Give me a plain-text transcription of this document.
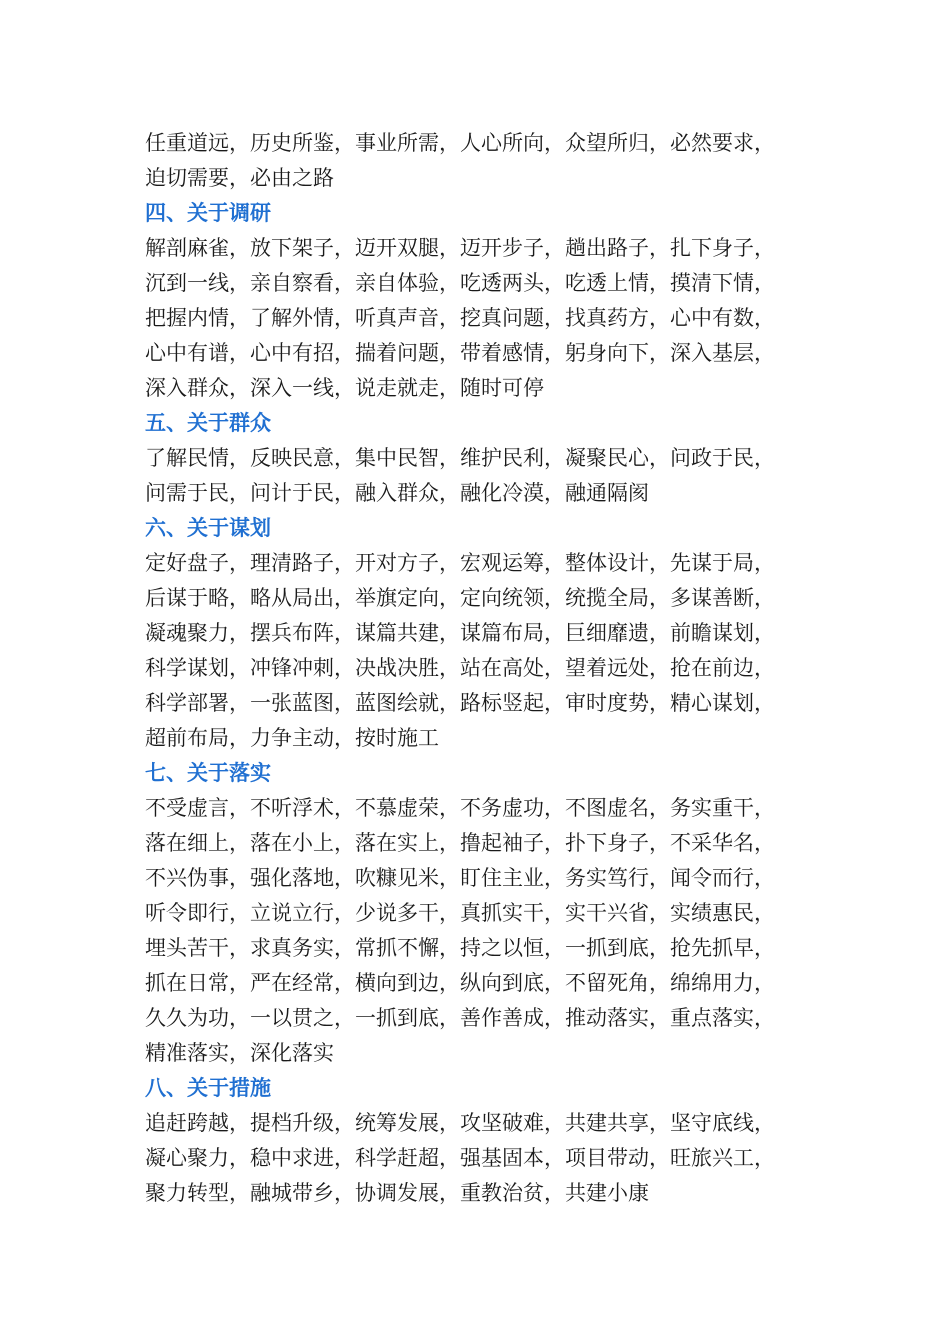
任重道远，历史所鉴，事业所需，人心所向，众望所归，必然要求，
迫切需要，必由之路
四、关于调研
解剖麻雀，放下架子，迈开双腿，迈开步子，趟出路子，扎下身子，
沉到一线，亲自察看，亲自体验，吃透两头，吃透上情，摸清下情，
把握内情，了解外情，听真声音，挖真问题，找真药方，心中有数，
心中有谱，心中有招，揣着问题，带着感情，躬身向下，深入基层，
深入群众，深入一线，说走就走，随时可停
五、关于群众
了解民情，反映民意，集中民智，维护民利，凝聚民心，问政于民，
问需于民，问计于民，融入群众，融化冷漠，融通隔阂
六、关于谋划
定好盘子，理清路子，开对方子，宏观运筹，整体设计，先谋于局，
后谋于略，略从局出，举旗定向，定向统领，统揽全局，多谋善断，
凝魂聚力，摆兵布阵，谋篇共建，谋篇布局，巨细靡遗，前瞻谋划，
科学谋划，冲锋冲刺，决战决胜，站在高处，望着远处，抢在前边，
科学部署，一张蓝图，蓝图绘就，路标竖起，审时度势，精心谋划，
超前布局，力争主动，按时施工
七、关于落实
不受虚言，不听浮术，不慕虚荣，不务虚功，不图虚名，务实重干，
落在细上，落在小上，落在实上，撸起袖子，扑下身子，不采华名，
不兴伪事，强化落地，吹糠见米，盯住主业，务实笃行，闻令而行，
听令即行，立说立行，少说多干，真抓实干，实干兴省，实绩惠民，
埋头苦干，求真务实，常抓不懈，持之以恒，一抓到底，抢先抓早，
抓在日常，严在经常，横向到边，纵向到底，不留死角，绵绵用力，
久久为功，一以贯之，一抓到底，善作善成，推动落实，重点落实，
精准落实，深化落实
八、关于措施
追赶跨越，提档升级，统筹发展，攻坚破难，共建共享，坚守底线，
凝心聚力，稳中求进，科学赶超，强基固本，项目带动，旺旅兴工，
聚力转型，融城带乡，协调发展，重教治贫，共建小康
